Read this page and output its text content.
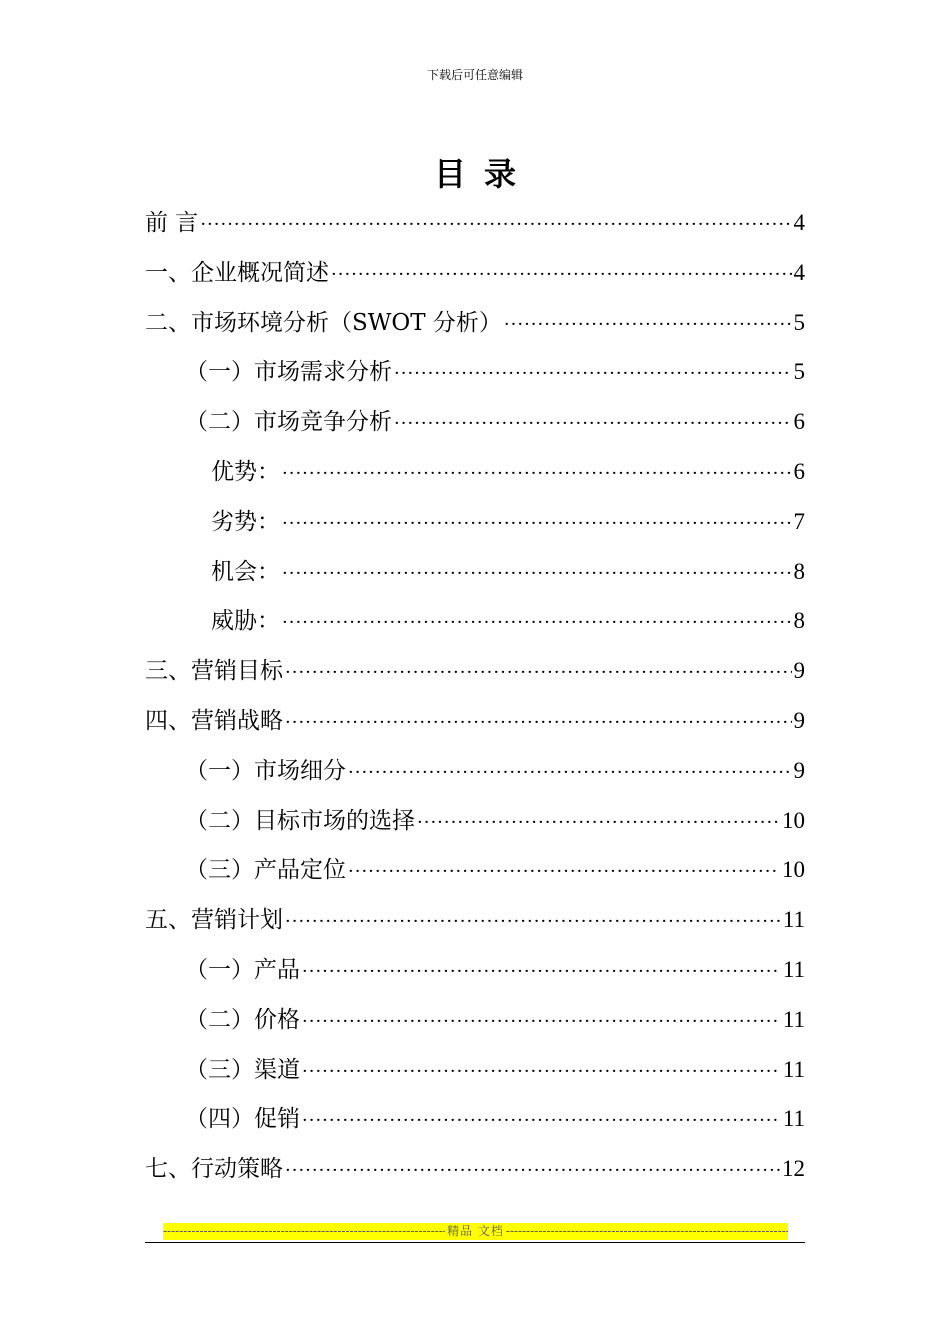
下载后可任意编辑
目录
前 言 ·····	4
一、企业概况简述 ·····	4
二、市场环境分析（SWOT 分析） ·····	5
（一）市场需求分析 ·····	5
（二）市场竞争分析 ·····	6
优势： ·····	6
劣势： ·····	7
机会： ·····	8
威胁： ·····	8
三、营销目标 ·····	9
四、营销战略 ·····	9
（一）市场细分 ·····	9
（二）目标市场的选择 ·····	10
（三）产品定位 ·····	10
五、营销计划 ·····	11
（一）产品 ·····	11
（二）价格 ·····	11
（三）渠道 ·····	11
（四）促销 ·····	11
七、行动策略 ·····	12
-----
精品 文档
-----
